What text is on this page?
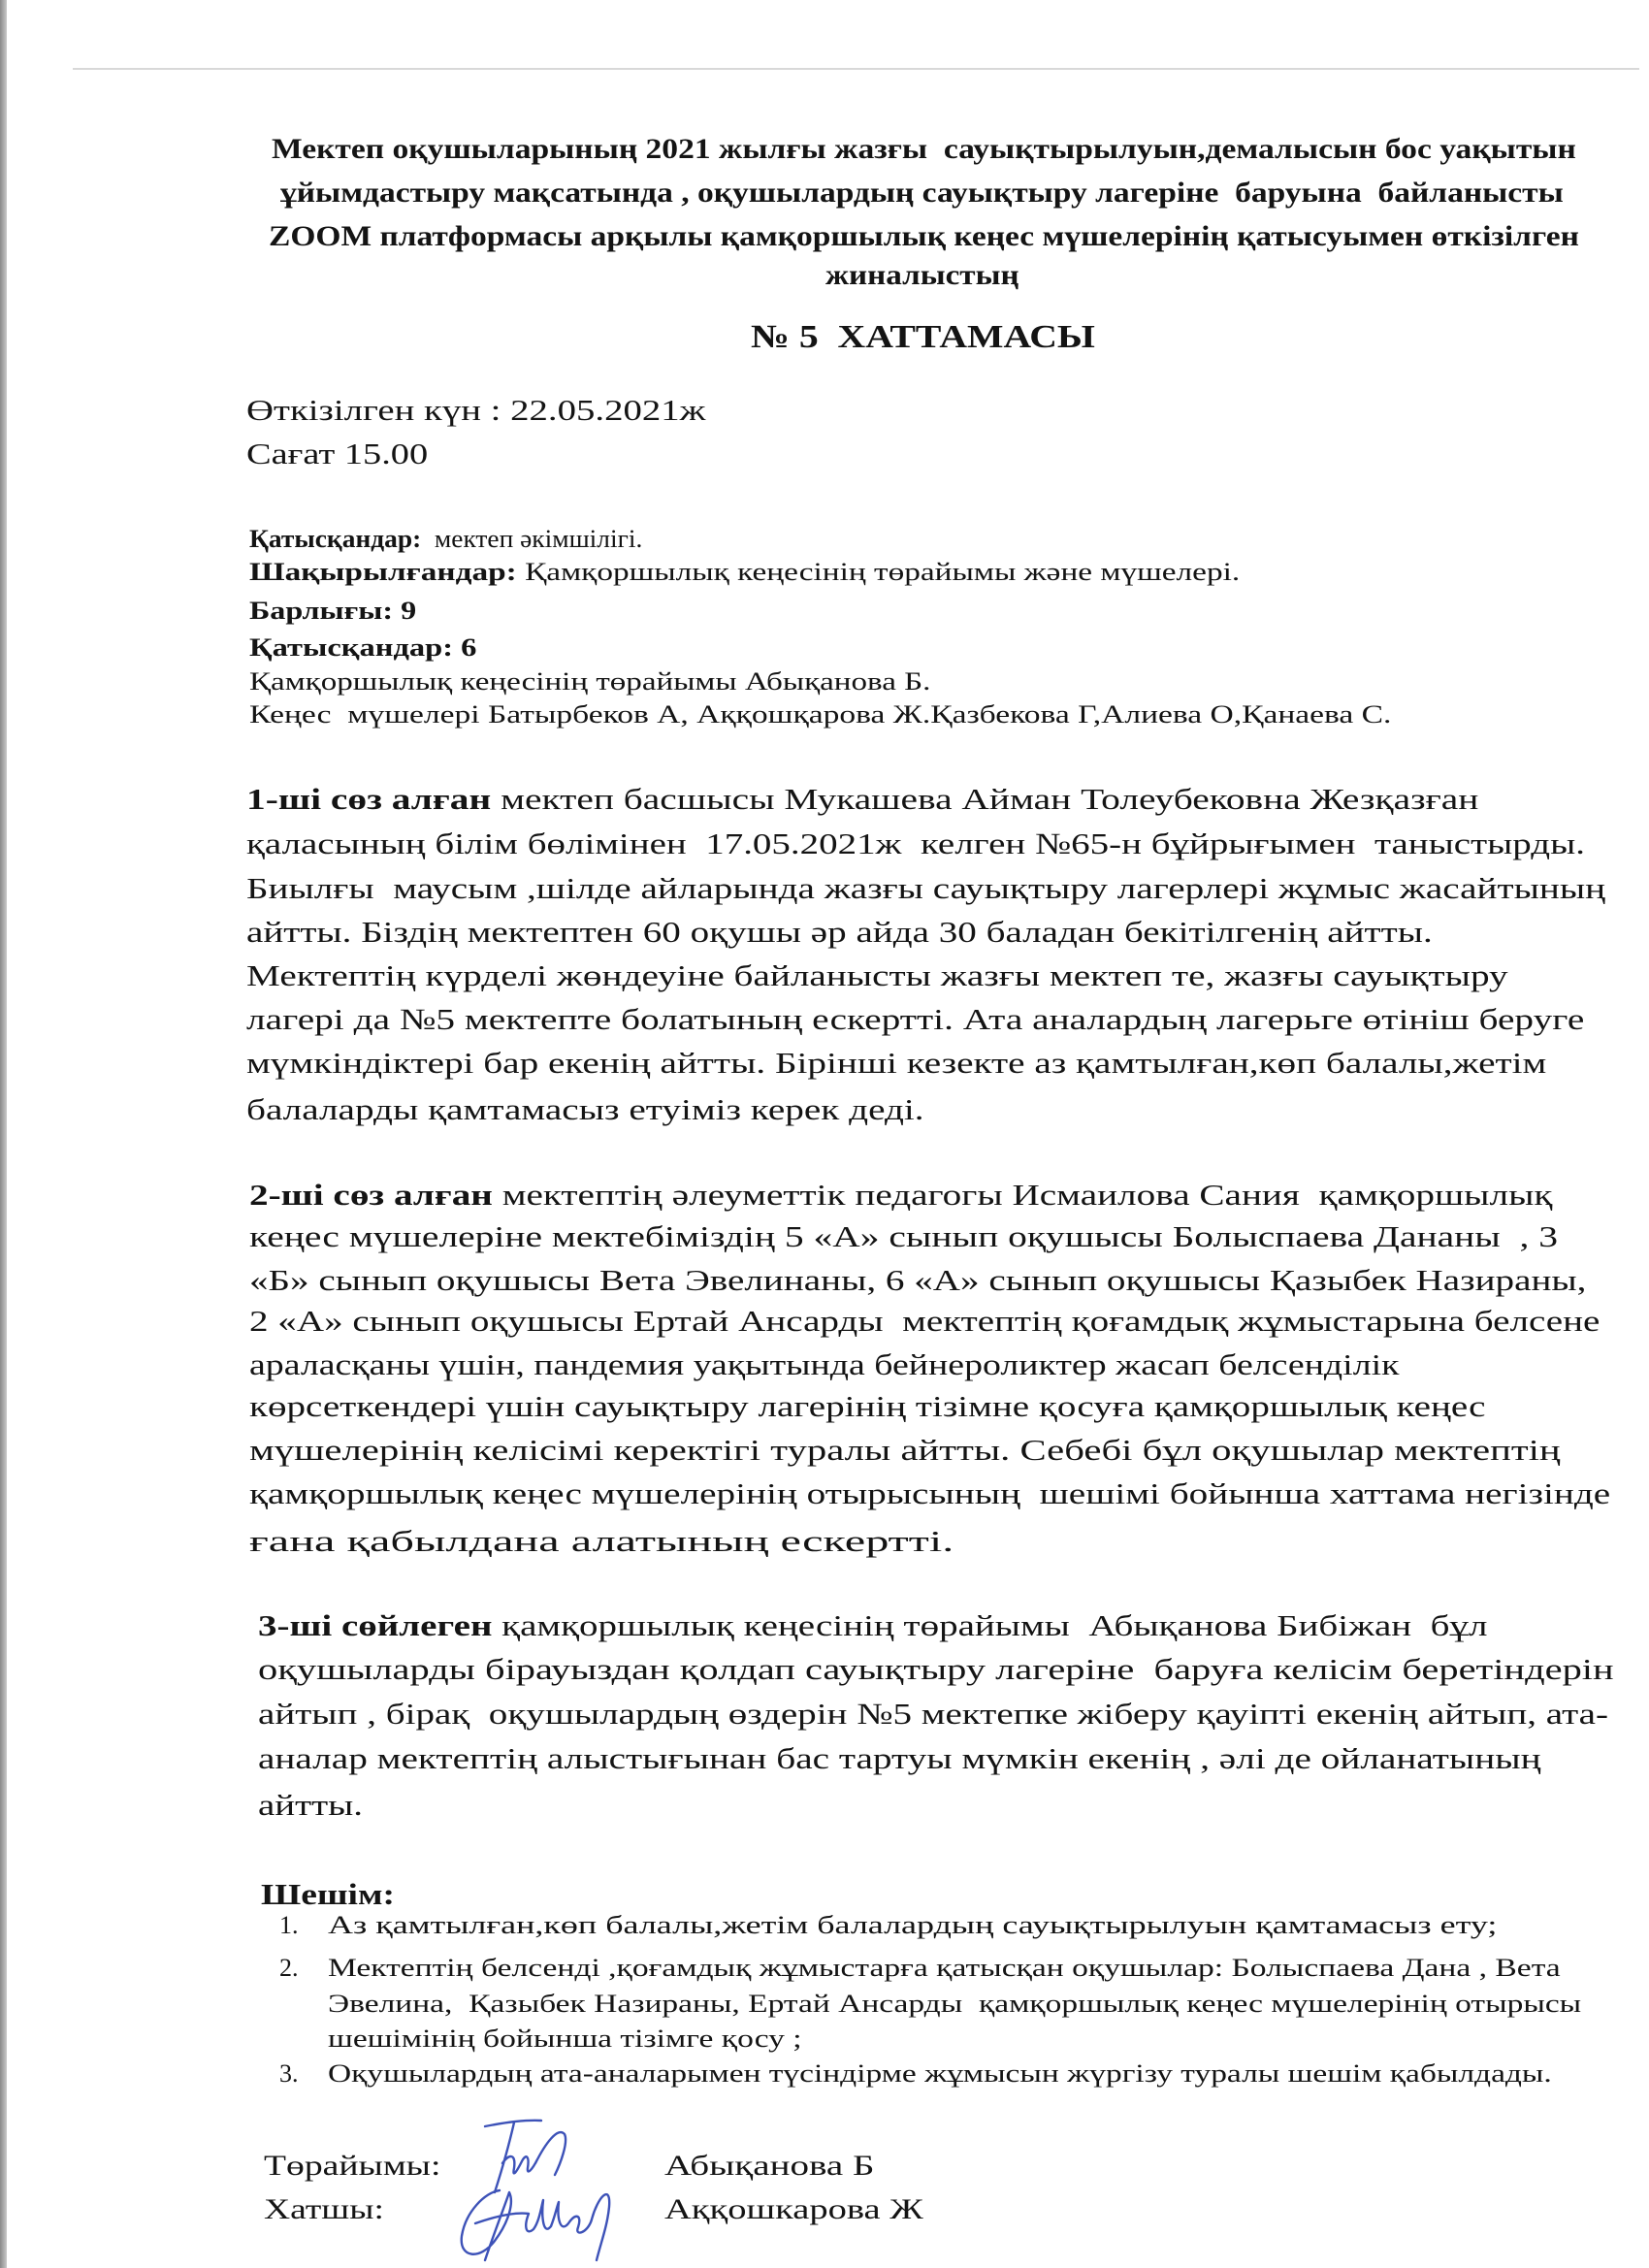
Мектеп оқушыларының 2021 жылғы жазғы  сауықтырылуын,демалысын бос уақытын
ұйымдастыру мақсатында , оқушылардың сауықтыру лагеріне  баруына  байланысты
ZOOM платформасы арқылы қамқоршылық кеңес мүшелерінің қатысуымен өткізілген
жиналыстың
№ 5  ХАТТАМАСЫ
Өткізілген күн : 22.05.2021ж
Сағат 15.00
Қатысқандар:  мектеп әкімшілігі.
Шақырылғандар: Қамқоршылық кеңесінің төрайымы және мүшелері.
Барлығы: 9
Қатысқандар: 6
Қамқоршылық кеңесінің төрайымы Абықанова Б.
Кеңес  мүшелері Батырбеков А, Аққошқарова Ж.Қазбекова Г,Алиева О,Қанаева С.
1-ші сөз алған мектеп басшысы Мукашева Айман Толеубековна Жезқазған
қаласының білім бөлімінен  17.05.2021ж  келген №65-н бұйрығымен  таныстырды.
Биылғы  маусым ,шілде айларында жазғы сауықтыру лагерлері жұмыс жасайтының
айтты. Біздің мектептен 60 оқушы әр айда 30 баладан бекітілгенің айтты.
Мектептің күрделі жөндеуіне байланысты жазғы мектеп те, жазғы сауықтыру
лагері да №5 мектепте болатының ескертті. Ата аналардың лагерьге өтініш беруге
мүмкіндіктері бар екенің айтты. Бірінші кезекте аз қамтылған,көп балалы,жетім
балаларды қамтамасыз етуіміз керек деді.
2-ші сөз алған мектептің әлеуметтік педагогы Исмаилова Сания  қамқоршылық
кеңес мүшелеріне мектебіміздің 5 «А» сынып оқушысы Болыспаева Дананы  , 3
«Б» сынып оқушысы Вета Эвелинаны, 6 «А» сынып оқушысы Қазыбек Назираны,
2 «А» сынып оқушысы Ертай Ансарды  мектептің қоғамдық жұмыстарына белсене
араласқаны үшін, пандемия уақытында бейнероликтер жасап белсенділік
көрсеткендері үшін сауықтыру лагерінің тізімне қосуға қамқоршылық кеңес
мүшелерінің келісімі керектігі туралы айтты. Себебі бұл оқушылар мектептің
қамқоршылық кеңес мүшелерінің отырысының  шешімі бойынша хаттама негізінде
ғана қабылдана алатының ескертті.
3-ші сөйлеген қамқоршылық кеңесінің төрайымы  Абықанова Бибіжан  бұл
оқушыларды бірауыздан қолдап сауықтыру лагеріне  баруға келісім беретіндерін
айтып , бірақ  оқушылардың өздерін №5 мектепке жіберу қауіпті екенің айтып, ата-
аналар мектептің алыстығынан бас тартуы мүмкін екенің , әлі де ойланатының
айтты.
Шешім:
1. Аз қамтылған,көп балалы,жетім балалардың сауықтырылуын қамтамасыз ету;
2. Мектептің белсенді ,қоғамдық жұмыстарға қатысқан оқушылар: Болыспаева Дана , Вета
Эвелина,  Қазыбек Назираны, Ертай Ансарды  қамқоршылық кеңес мүшелерінің отырысы
шешімінің бойынша тізімге қосу ;
3. Оқушылардың ата-аналарымен түсіндірме жұмысын жүргізу туралы шешім қабылдады.
Төрайымы:	Абықанова Б
Хатшы:	Аққошкарова Ж
